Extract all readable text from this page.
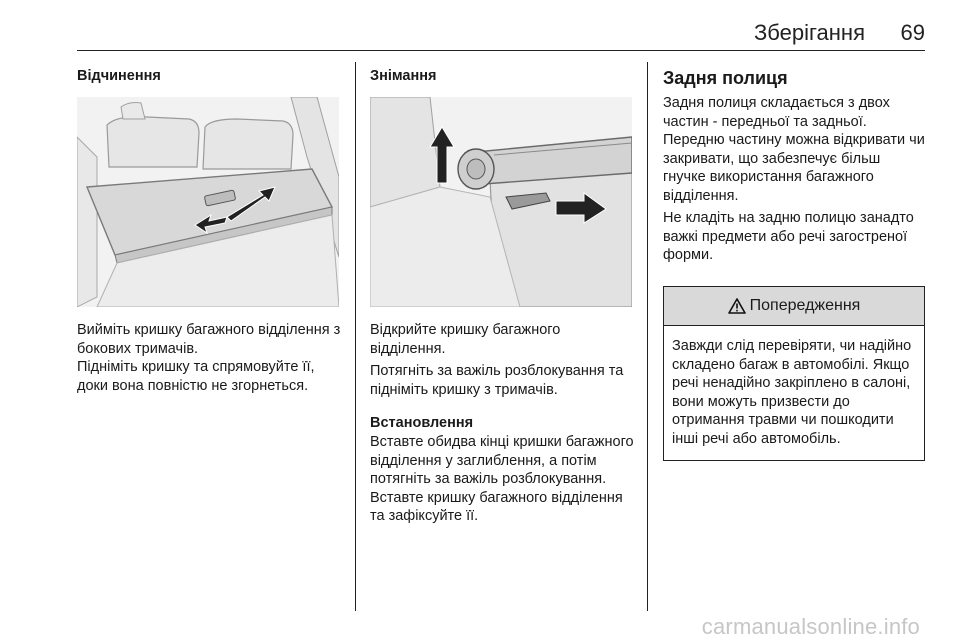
Зберігання 69
Відчинення

Вийміть кришку багажного відділення з бокових тримачів.

Підніміть кришку та спрямовуйте її, доки вона повністю не згорнеться.

Знімання

Відкрийте кришку багажного відділення.

Потягніть за важіль розблокування та підніміть кришку з тримачів.

Встановлення

Вставте обидва кінці кришки багажного відділення у заглиблення, а потім потягніть за важіль розблокування. Вставте кришку багажного відділення та зафіксуйте її.

Задня полиця

Задня полиця складається з двох частин - передньої та задньої. Передню частину можна відкривати чи закривати, що забезпечує більш гнучке використання багажного відділення.

Не кладіть на задню полицю занадто важкі предмети або речі загостреної форми.

Попередження

Завжди слід перевіряти, чи надійно складено багаж в автомобілі. Якщо речі ненадійно закріплено в салоні, вони можуть призвести до отримання травми чи пошкодити інші речі або автомобіль.

carmanualsonline.info
